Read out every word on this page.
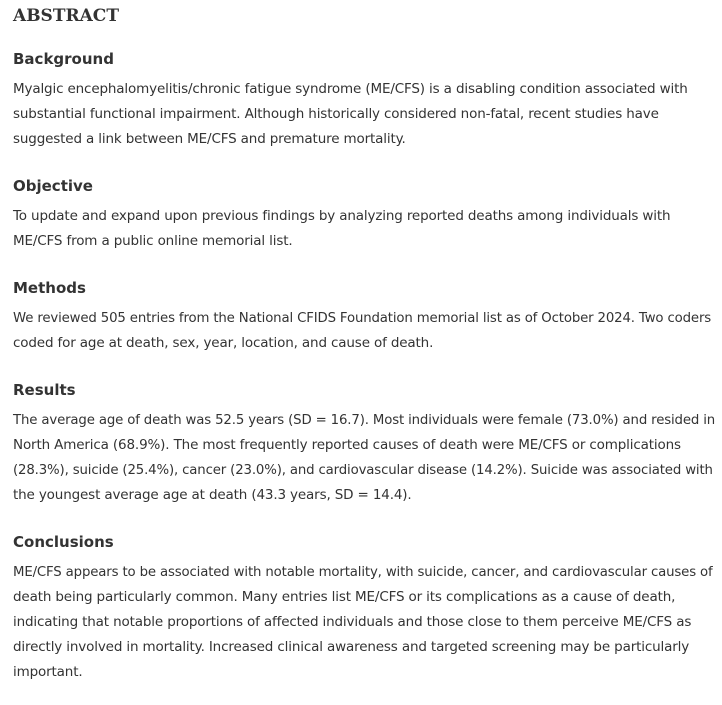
ABSTRACT
Background

Myalgic encephalomyelitis/chronic fatigue syndrome (ME/CFS) is a disabling condition associated with
substantial functional impairment. Although historically considered non-fatal, recent studies have
suggested a link between ME/CFS and premature mortality.

Objective

To update and expand upon previous findings by analyzing reported deaths among individuals with
ME/CFS from a public online memorial list.

Methods

We reviewed 505 entries from the National CFIDS Foundation memorial list as of October 2024. Two coders
coded for age at death, sex, year, location, and cause of death.

Results

The average age of death was 52.5 years (SD = 16.7). Most individuals were female (73.0%) and resided in
North America (68.9%). The most frequently reported causes of death were ME/CFS or complications
(28.3%), suicide (25.4%), cancer (23.0%), and cardiovascular disease (14.2%). Suicide was associated with
the youngest average age at death (43.3 years, SD = 14.4).

Conclusions

ME/CFS appears to be associated with notable mortality, with suicide, cancer, and cardiovascular causes of
death being particularly common. Many entries list ME/CFS or its complications as a cause of death,
indicating that notable proportions of affected individuals and those close to them perceive ME/CFS as
directly involved in mortality. Increased clinical awareness and targeted screening may be particularly
important.
